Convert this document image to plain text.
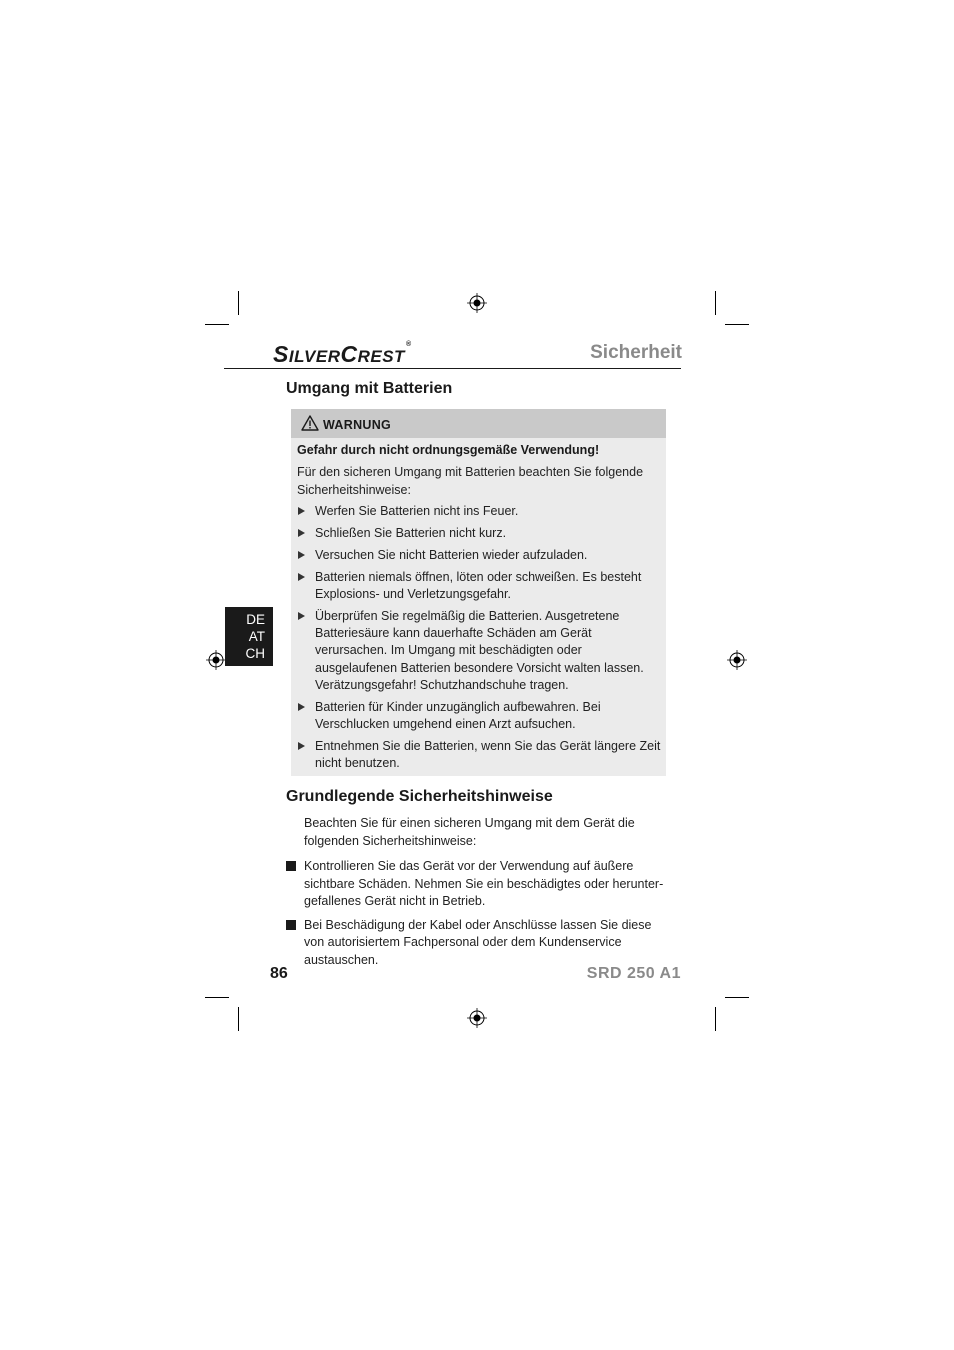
SILVERCREST®	Sicherheit
Umgang mit Batterien
WARNUNG
Gefahr durch nicht ordnungsgemäße Verwendung!
Für den sicheren Umgang mit Batterien beachten Sie folgende Sicherheitshinweise:
Werfen Sie Batterien nicht ins Feuer.
Schließen Sie Batterien nicht kurz.
Versuchen Sie nicht Batterien wieder aufzuladen.
Batterien niemals öffnen, löten oder schweißen. Es besteht Explosions- und Verletzungsgefahr.
Überprüfen Sie regelmäßig die Batterien. Ausgetretene Batteriesäure kann dauerhafte Schäden am Gerät verursachen. Im Umgang mit beschädigten oder ausgelaufenen Batterien besondere Vorsicht walten lassen. Verätzungsgefahr! Schutzhandschuhe tragen.
Batterien für Kinder unzugänglich aufbewahren. Bei Verschlucken umgehend einen Arzt aufsuchen.
Entnehmen Sie die Batterien, wenn Sie das Gerät längere Zeit nicht benutzen.
DE
AT
CH
Grundlegende Sicherheitshinweise
Beachten Sie für einen sicheren Umgang mit dem Gerät die folgenden Sicherheitshinweise:
Kontrollieren Sie das Gerät vor der Verwendung auf äußere sichtbare Schäden. Nehmen Sie ein beschädigtes oder heruntergefallenes Gerät nicht in Betrieb.
Bei Beschädigung der Kabel oder Anschlüsse lassen Sie diese von autorisiertem Fachpersonal oder dem Kundenservice austauschen.
86	SRD 250 A1
